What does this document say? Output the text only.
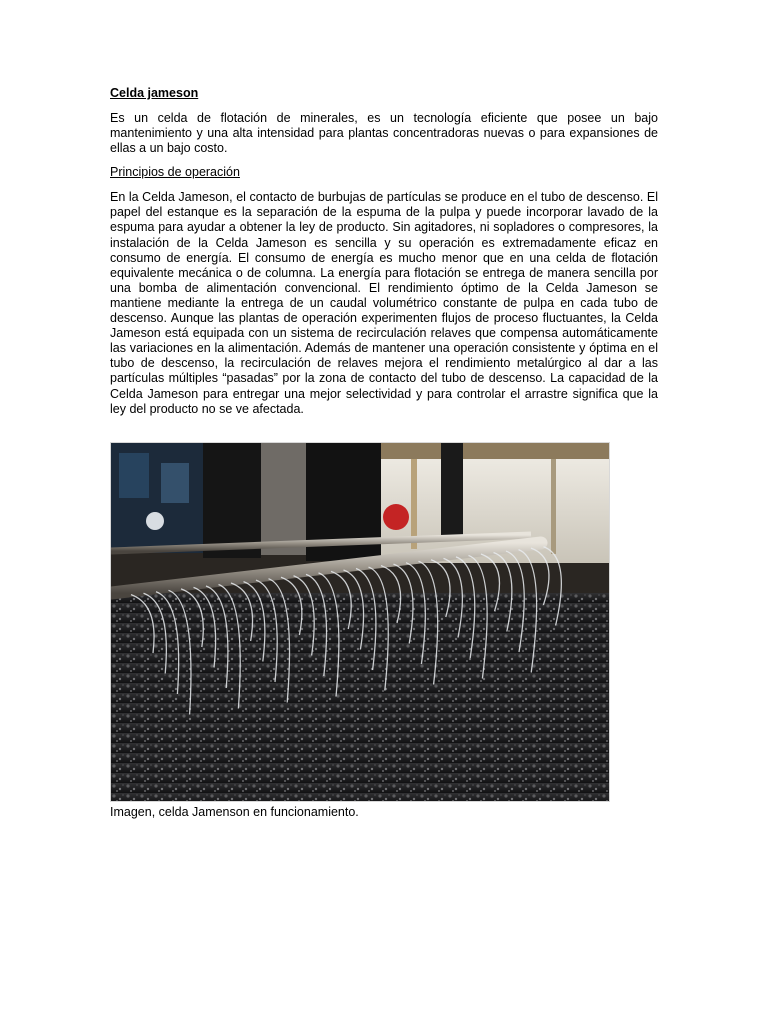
Celda jameson

Es un celda de flotación de minerales, es un tecnología eficiente que posee un bajo mantenimiento y una alta intensidad para plantas concentradoras nuevas o para expansiones de ellas a un bajo costo.

Principios de operación

En la Celda Jameson, el contacto de burbujas de partículas se produce en el tubo de descenso. El papel del estanque es la separación de la espuma de la pulpa y puede incorporar lavado de la espuma para ayudar a obtener la ley de producto. Sin agitadores, ni sopladores o compresores, la instalación de la Celda Jameson es sencilla y su operación es extremadamente eficaz en consumo de energía. El consumo de energía es mucho menor que en una celda de flotación equivalente mecánica o de columna. La energía para flotación se entrega de manera sencilla por una bomba de alimentación convencional. El rendimiento óptimo de la Celda Jameson se mantiene mediante la entrega de un caudal volumétrico constante de pulpa en cada tubo de descenso. Aunque las plantas de operación experimenten flujos de proceso fluctuantes, la Celda Jameson está equipada con un sistema de recirculación relaves que compensa automáticamente las variaciones en la alimentación. Además de mantener una operación consistente y óptima en el tubo de descenso, la recirculación de relaves mejora el rendimiento metalúrgico al dar a las partículas múltiples “pasadas” por la zona de contacto del tubo de descenso. La capacidad de la Celda Jameson para entregar una mejor selectividad y para controlar el arrastre significa que la ley del producto no se ve afectada.

Imagen, celda Jamenson en funcionamiento.
